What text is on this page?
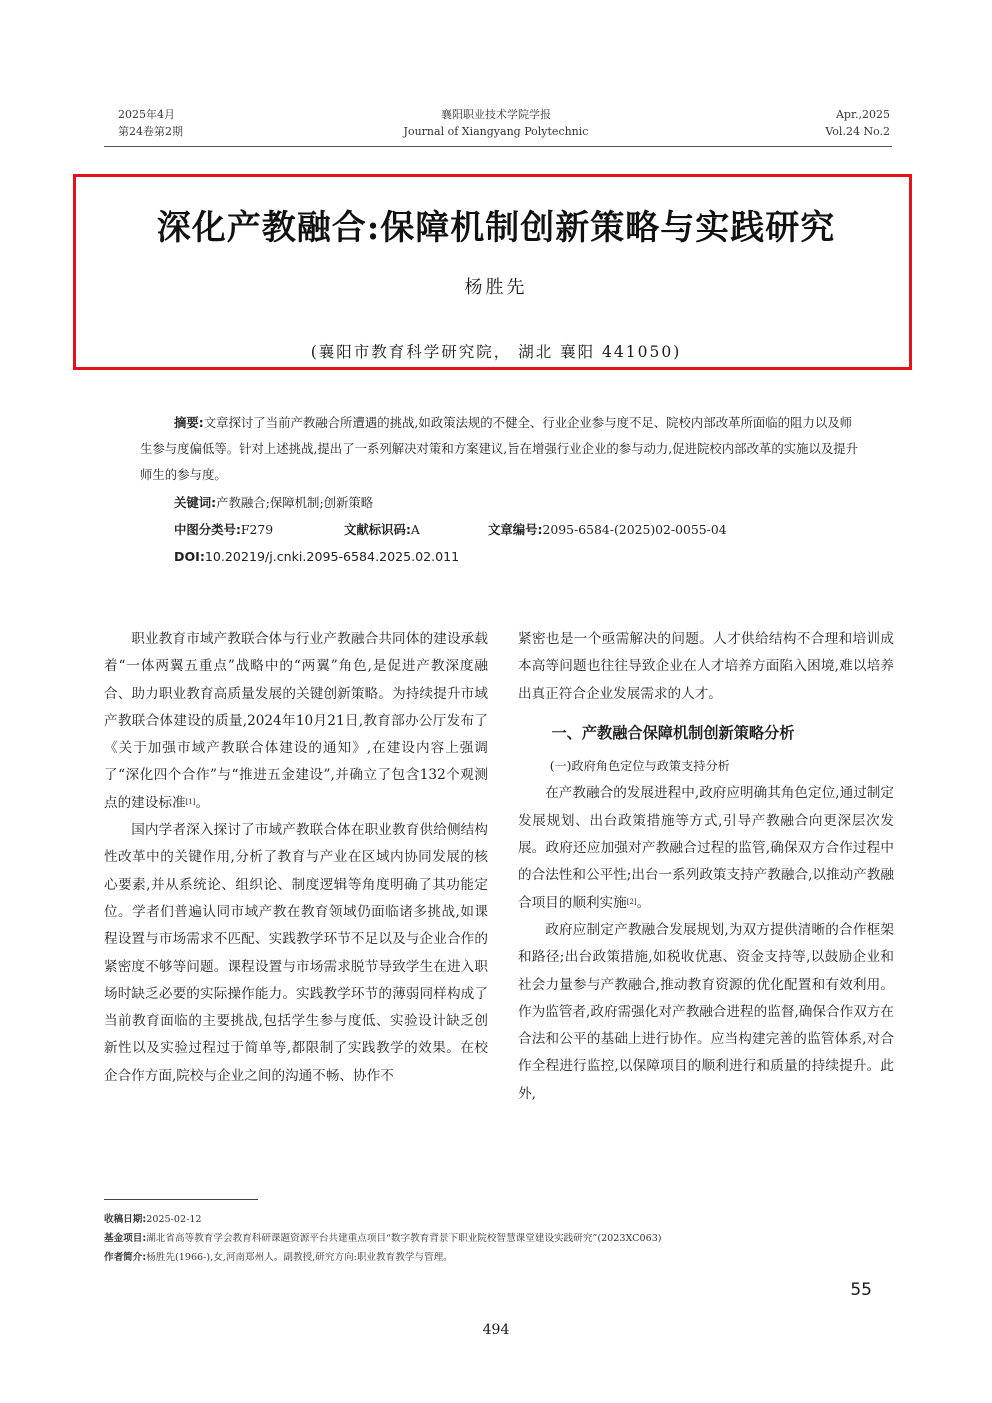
2025年4月
第24卷第2期
襄阳职业技术学院学报
Journal of Xiangyang Polytechnic
Apr.,2025
Vol.24 No.2
深化产教融合:保障机制创新策略与实践研究
杨胜先
(襄阳市教育科学研究院， 湖北 襄阳 441050)
摘要:文章探讨了当前产教融合所遭遇的挑战,如政策法规的不健全、行业企业参与度不足、院校内部改革所面临的阻力以及师生参与度偏低等。针对上述挑战,提出了一系列解决对策和方案建议,旨在增强行业企业的参与动力,促进院校内部改革的实施以及提升师生的参与度。
关键词:产教融合;保障机制;创新策略
中图分类号:F279	文献标识码:A	文章编号:2095-6584-(2025)02-0055-04
DOI:10.20219/j.cnki.2095-6584.2025.02.011

职业教育市域产教联合体与行业产教融合共同体的建设承载着“一体两翼五重点”战略中的“两翼”角色,是促进产教深度融合、助力职业教育高质量发展的关键创新策略。为持续提升市域产教联合体建设的质量,2024年10月21日,教育部办公厅发布了《关于加强市域产教联合体建设的通知》,在建设内容上强调了“深化四个合作”与“推进五金建设”,并确立了包含132个观测点的建设标准[1]。

国内学者深入探讨了市域产教联合体在职业教育供给侧结构性改革中的关键作用,分析了教育与产业在区域内协同发展的核心要素,并从系统论、组织论、制度逻辑等角度明确了其功能定位。学者们普遍认同市域产教在教育领域仍面临诸多挑战,如课程设置与市场需求不匹配、实践教学环节不足以及与企业合作的紧密度不够等问题。课程设置与市场需求脱节导致学生在进入职场时缺乏必要的实际操作能力。实践教学环节的薄弱同样构成了当前教育面临的主要挑战,包括学生参与度低、实验设计缺乏创新性以及实验过程过于简单等,都限制了实践教学的效果。在校企合作方面,院校与企业之间的沟通不畅、协作不

紧密也是一个亟需解决的问题。人才供给结构不合理和培训成本高等问题也往往导致企业在人才培养方面陷入困境,难以培养出真正符合企业发展需求的人才。

一、产教融合保障机制创新策略分析
(一)政府角色定位与政策支持分析

在产教融合的发展进程中,政府应明确其角色定位,通过制定发展规划、出台政策措施等方式,引导产教融合向更深层次发展。政府还应加强对产教融合过程的监管,确保双方合作过程中的合法性和公平性;出台一系列政策支持产教融合,以推动产教融合项目的顺利实施[2]。

政府应制定产教融合发展规划,为双方提供清晰的合作框架和路径;出台政策措施,如税收优惠、资金支持等,以鼓励企业和社会力量参与产教融合,推动教育资源的优化配置和有效利用。作为监管者,政府需强化对产教融合进程的监督,确保合作双方在合法和公平的基础上进行协作。应当构建完善的监管体系,对合作全程进行监控,以保障项目的顺利进行和质量的持续提升。此外,

收稿日期:2025-02-12
基金项目:湖北省高等教育学会教育科研课题资源平台共建重点项目“数字教育背景下职业院校智慧课堂建设实践研究”(2023XC063)
作者简介:杨胜先(1966-),女,河南郑州人。副教授,研究方向:职业教育教学与管理。
55
494
